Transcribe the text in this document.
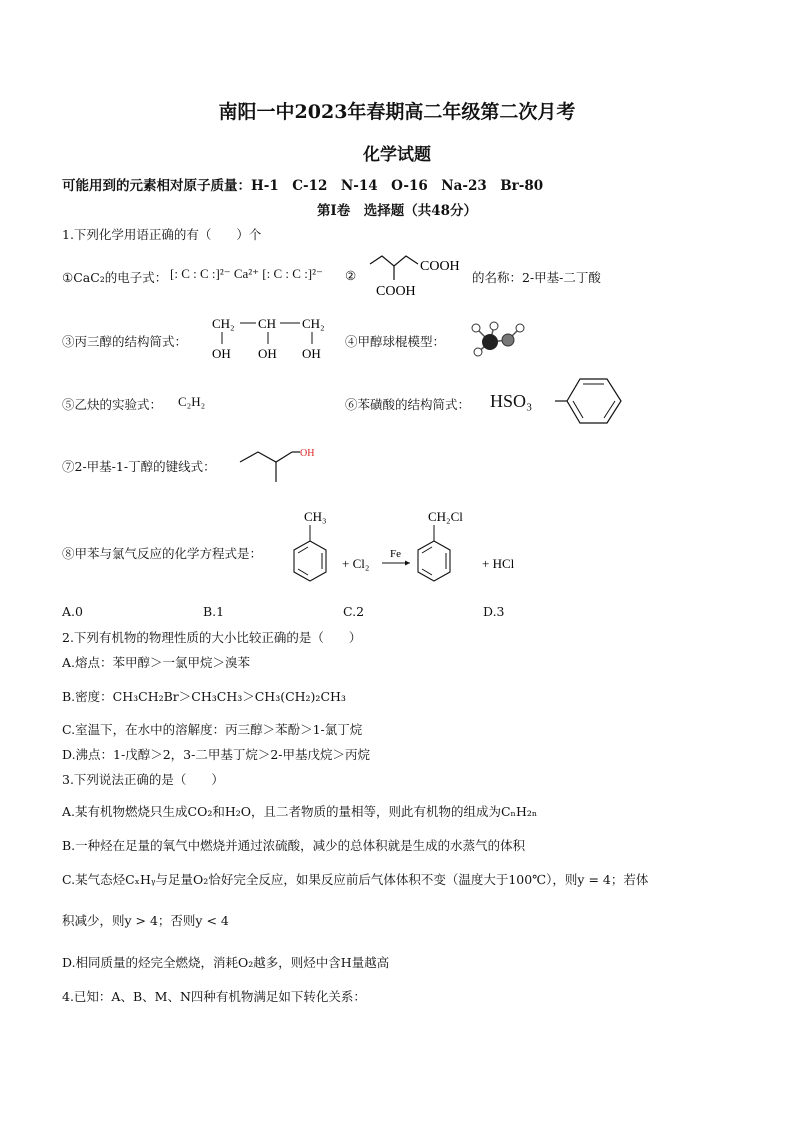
南阳一中2023年春期高二年级第二次月考
化学试题
可能用到的元素相对原子质量：H-1　C-12　N-14　O-16　Na-23　Br-80
第Ⅰ卷　选择题（共48分）
1.下列化学用语正确的有（　　）个
①CaC₂的电子式： [: C : C :]²⁻ Ca²⁺ [: C : C :]²⁻ ②
COOH
COOH
的名称：2-甲基-二丁酸
③丙三醇的结构简式：
CH₂ CH CH₂
OH OH OH
④甲醇球棍模型：
⑤乙炔的实验式： C₂H₂	⑥苯磺酸的结构简式： HSO₃
⑦2-甲基-1-丁醇的键线式：
OH
⑧甲苯与氯气反应的化学方程式是：
CH₃
+ Cl₂
Fe
CH₂Cl
+ HCl
A.0	B.1	C.2	D.3
2.下列有机物的物理性质的大小比较正确的是（　　）
A.熔点：苯甲醇＞一氯甲烷＞溴苯
B.密度：CH₃CH₂Br＞CH₃CH₃＞CH₃(CH₂)₂CH₃
C.室温下，在水中的溶解度：丙三醇＞苯酚＞1-氯丁烷
D.沸点：1-戊醇＞2，3-二甲基丁烷＞2-甲基戊烷＞丙烷
3.下列说法正确的是（　　）
A.某有机物燃烧只生成CO₂和H₂O，且二者物质的量相等，则此有机物的组成为CₙH₂ₙ
B.一种烃在足量的氧气中燃烧并通过浓硫酸，减少的总体积就是生成的水蒸气的体积
C.某气态烃CₓHᵧ与足量O₂恰好完全反应，如果反应前后气体体积不变（温度大于100℃），则y = 4；若体
积减少，则y > 4；否则y < 4
D.相同质量的烃完全燃烧，消耗O₂越多，则烃中含H量越高
4.已知：A、B、M、N四种有机物满足如下转化关系：
